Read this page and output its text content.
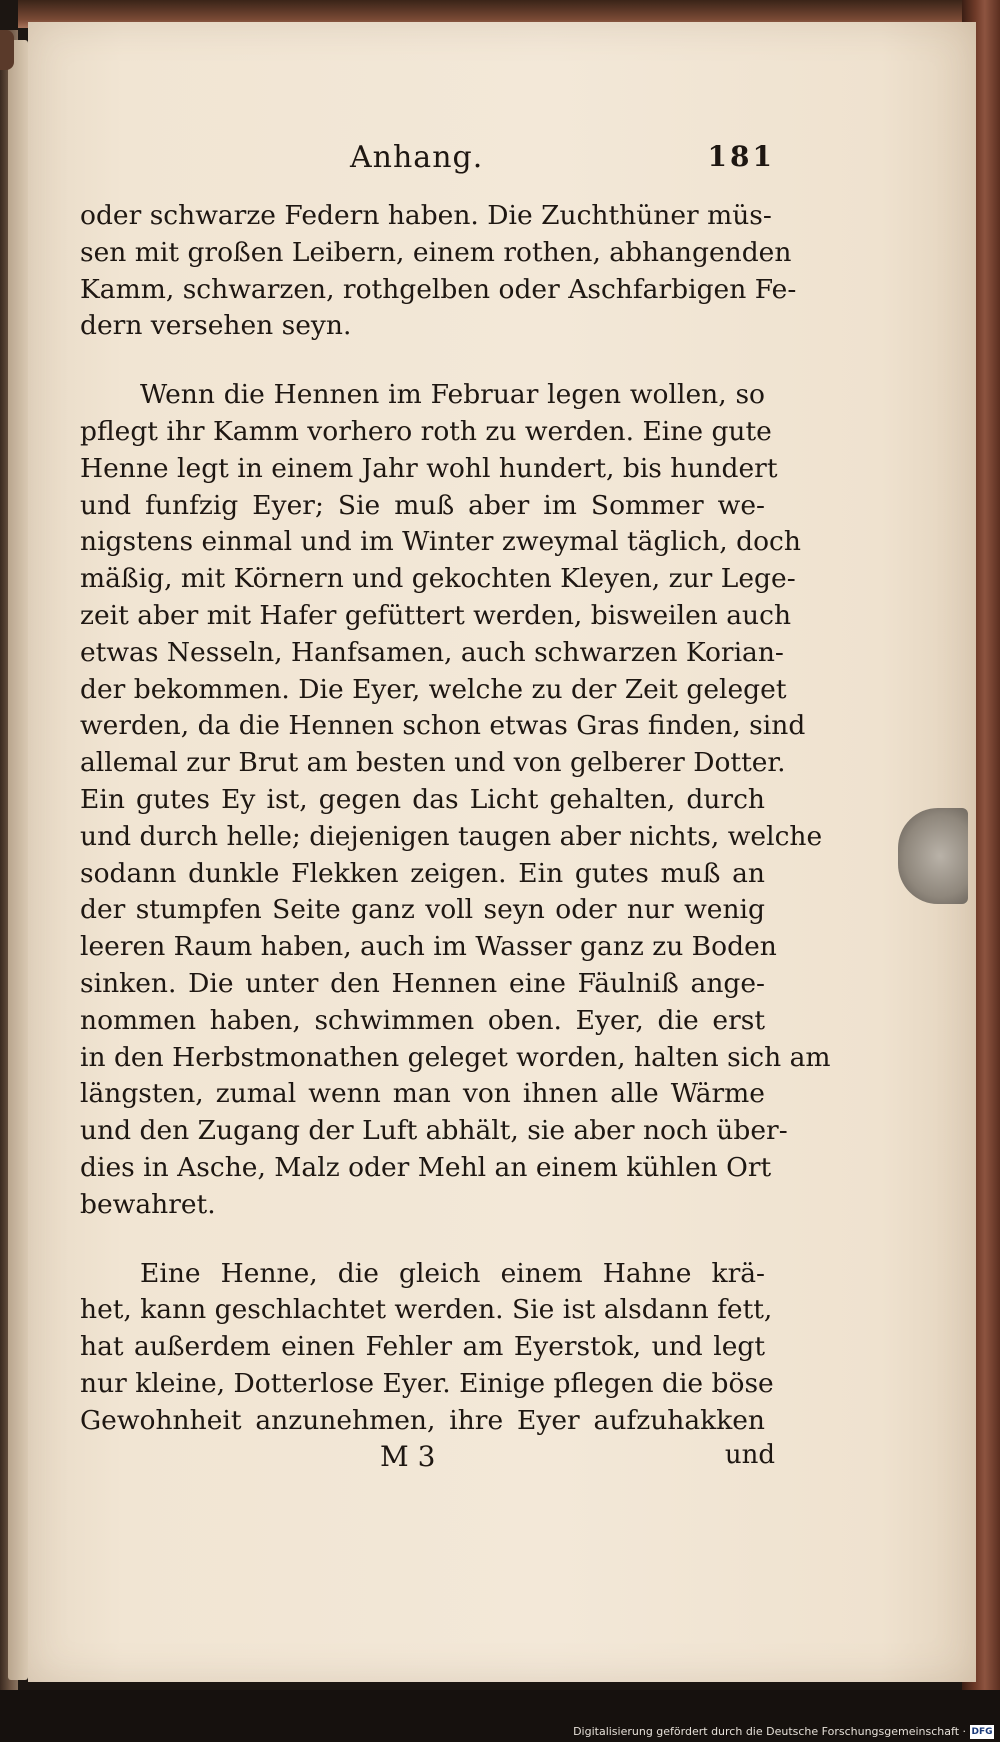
Anhang.	181

oder schwarze Federn haben. Die Zuchthüner müs-
sen mit großen Leibern, einem rothen, abhangenden
Kamm, schwarzen, rothgelben oder Aschfarbigen Fe-
dern versehen seyn.

Wenn die Hennen im Februar legen wollen, so
pflegt ihr Kamm vorhero roth zu werden. Eine gute
Henne legt in einem Jahr wohl hundert, bis hundert
und funfzig Eyer; Sie muß aber im Sommer we-
nigstens einmal und im Winter zweymal täglich, doch
mäßig, mit Körnern und gekochten Kleyen, zur Lege-
zeit aber mit Hafer gefüttert werden, bisweilen auch
etwas Nesseln, Hanfsamen, auch schwarzen Korian-
der bekommen. Die Eyer, welche zu der Zeit geleget
werden, da die Hennen schon etwas Gras finden, sind
allemal zur Brut am besten und von gelberer Dotter.
Ein gutes Ey ist, gegen das Licht gehalten, durch
und durch helle; diejenigen taugen aber nichts, welche
sodann dunkle Flekken zeigen. Ein gutes muß an
der stumpfen Seite ganz voll seyn oder nur wenig
leeren Raum haben, auch im Wasser ganz zu Boden
sinken. Die unter den Hennen eine Fäulniß ange-
nommen haben, schwimmen oben. Eyer, die erst
in den Herbstmonathen geleget worden, halten sich am
längsten, zumal wenn man von ihnen alle Wärme
und den Zugang der Luft abhält, sie aber noch über-
dies in Asche, Malz oder Mehl an einem kühlen Ort
bewahret.

Eine Henne, die gleich einem Hahne krä-
het, kann geschlachtet werden. Sie ist alsdann fett,
hat außerdem einen Fehler am Eyerstok, und legt
nur kleine, Dotterlose Eyer. Einige pflegen die böse
Gewohnheit anzunehmen, ihre Eyer aufzuhakken

M 3	und
Digitalisierung gefördert durch die Deutsche Forschungsgemeinschaft · DFG
